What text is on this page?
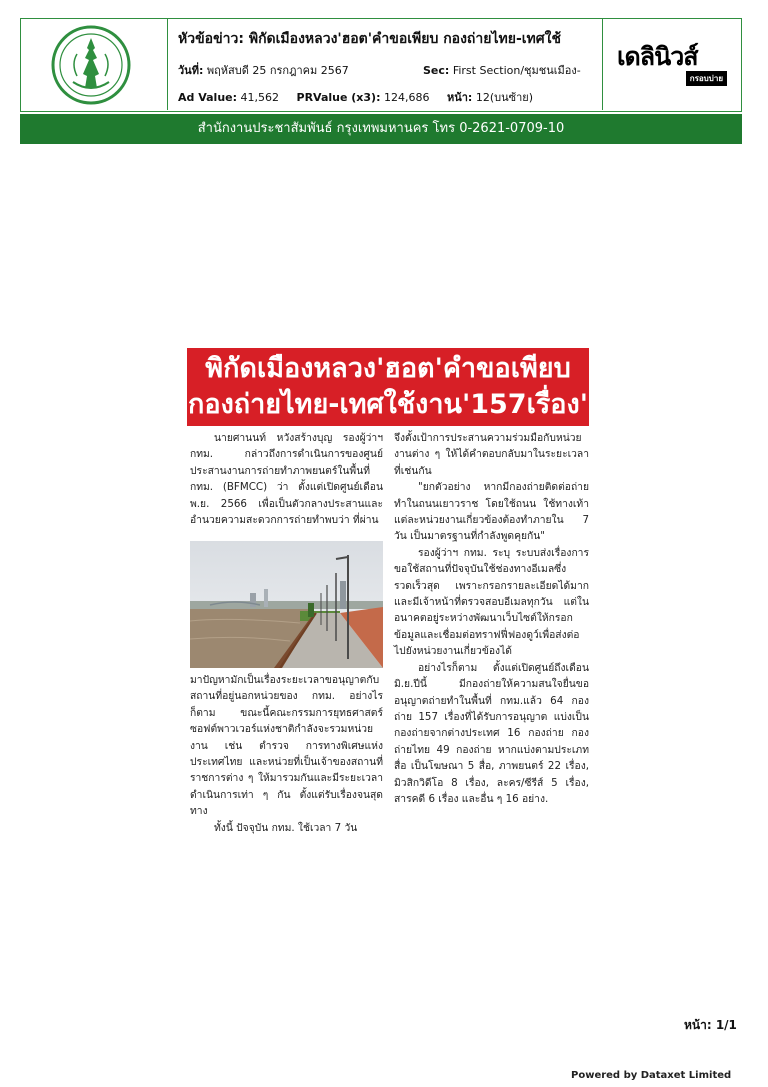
หัวข้อข่าว: พิกัดเมืองหลวง'ฮอต'คำขอเพียบ กองถ่ายไทย-เทศใช้
วันที่: พฤหัสบดี 25 กรกฎาคม 2567	Sec: First Section/ชุมชนเมือง-
Ad Value: 41,562 PRValue (x3): 124,686 หน้า: 12(บนซ้าย)
เดลินิวส์
กรอบบ่าย
สำนักงานประชาสัมพันธ์ กรุงเทพมหานคร โทร 0-2621-0709-10
พิกัดเมืองหลวง'ฮอต'คำขอเพียบ
กองถ่ายไทย-เทศใช้งาน'157เรื่อง'

นายศานนท์ หวังสร้างบุญ รองผู้ว่าฯ กทม. กล่าวถึงการดำเนินการของศูนย์ประสานงานการถ่ายทำภาพยนตร์ในพื้นที่ กทม. (BFMCC) ว่า ตั้งแต่เปิดศูนย์เดือน พ.ย. 2566 เพื่อเป็นตัวกลางประสานและอำนวยความสะดวกการถ่ายทำพบว่า ที่ผ่าน

มาปัญหามักเป็นเรื่องระยะเวลาขอนุญาตกับสถานที่อยู่นอกหน่วยของ กทม. อย่างไรก็ตาม ขณะนี้คณะกรรมการยุทธศาสตร์ซอฟต์พาวเวอร์แห่งชาติกำลังจะรวมหน่วยงาน เช่น ตำรวจ การทางพิเศษแห่งประเทศไทย และหน่วยที่เป็นเจ้าของสถานที่ราชการต่าง ๆ ให้มารวมกันและมีระยะเวลาดำเนินการเท่า ๆ กัน ตั้งแต่รับเรื่องจนสุดทาง

ทั้งนี้ ปัจจุบัน กทม. ใช้เวลา 7 วัน

จึงตั้งเป้าการประสานความร่วมมือกับหน่วยงานต่าง ๆ ให้ได้คำตอบกลับมาในระยะเวลาที่เช่นกัน

"ยกตัวอย่าง หากมีกองถ่ายติดต่อถ่ายทำในถนนเยาวราช โดยใช้ถนน ใช้ทางเท้า แต่ละหน่วยงานเกี่ยวข้องต้องทำภายใน 7 วัน เป็นมาตรฐานที่กำลังพูดคุยกัน"

รองผู้ว่าฯ กทม. ระบุ ระบบส่งเรื่องการขอใช้สถานที่ปัจจุบันใช้ช่องทางอีเมลซึ่งรวดเร็วสุด เพราะกรอกรายละเอียดได้มาก และมีเจ้าหน้าที่ตรวจสอบอีเมลทุกวัน แต่ในอนาคตอยู่ระหว่างพัฒนาเว็บไซต์ให้กรอกข้อมูลและเชื่อมต่อทราฟฟี่ฟองดูว์เพื่อส่งต่อไปยังหน่วยงานเกี่ยวข้องได้

อย่างไรก็ตาม ตั้งแต่เปิดศูนย์ถึงเดือน มิ.ย.ปีนี้ มีกองถ่ายให้ความสนใจยื่นขออนุญาตถ่ายทำในพื้นที่ กทม.แล้ว 64 กองถ่าย 157 เรื่องที่ได้รับการอนุญาต แบ่งเป็น กองถ่ายจากต่างประเทศ 16 กองถ่าย กองถ่ายไทย 49 กองถ่าย หากแบ่งตามประเภทสื่อ เป็นโฆษณา 5 สื่อ, ภาพยนตร์ 22 เรื่อง, มิวสิกวิดีโอ 8 เรื่อง, ละคร/ซีรีส์ 5 เรื่อง, สารคดี 6 เรื่อง และอื่น ๆ 16 อย่าง.

หน้า: 1/1
Powered by Dataxet Limited
